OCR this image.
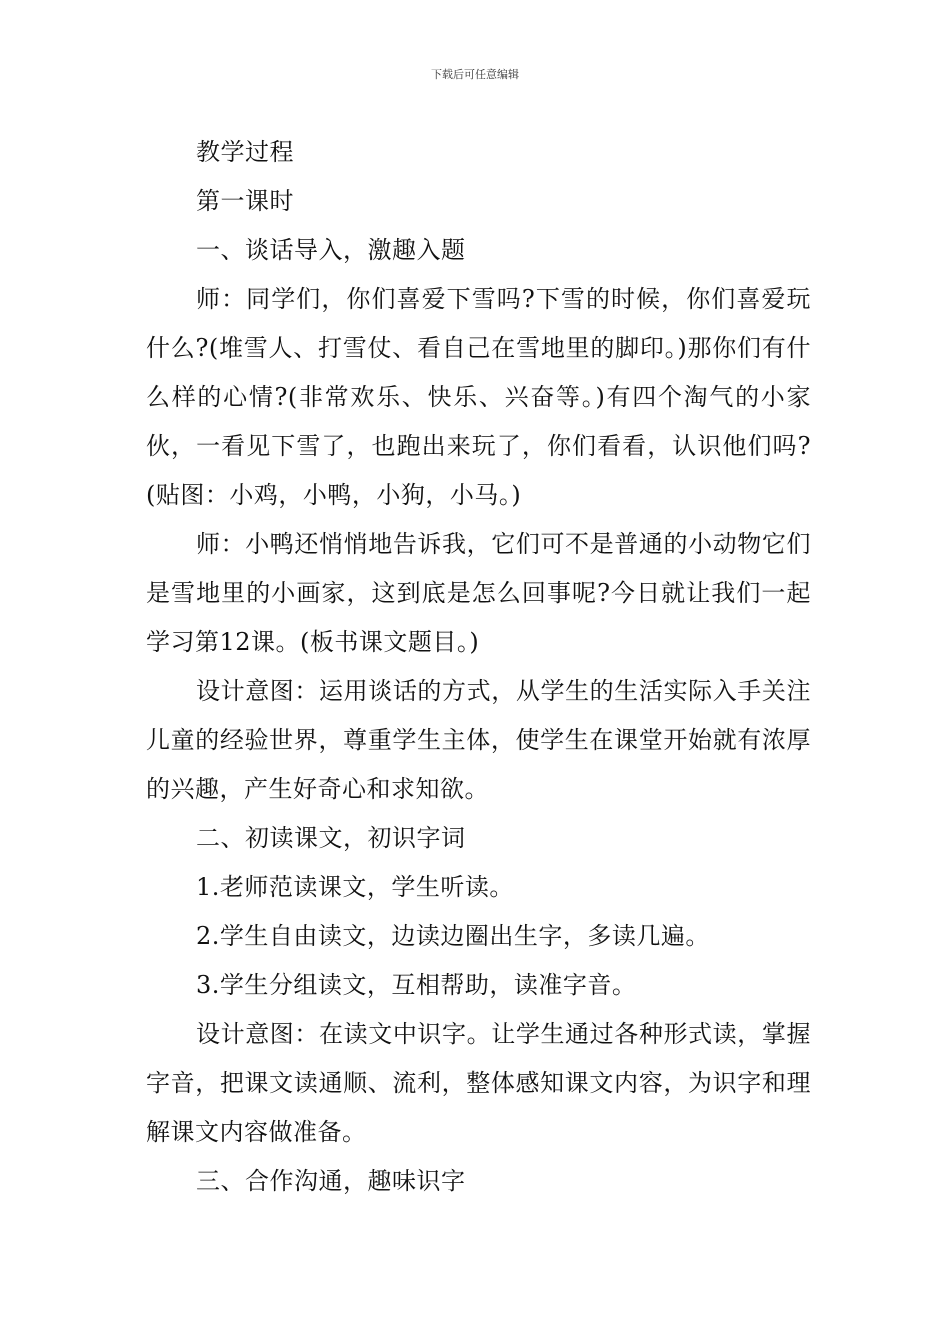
下载后可任意编辑

教学过程

第一课时

一、谈话导入，激趣入题

师：同学们，你们喜爱下雪吗?下雪的时候，你们喜爱玩什么?(堆雪人、打雪仗、看自己在雪地里的脚印。)那你们有什么样的心情?(非常欢乐、快乐、兴奋等。)有四个淘气的小家伙，一看见下雪了，也跑出来玩了，你们看看，认识他们吗?(贴图：小鸡，小鸭，小狗，小马。)

师：小鸭还悄悄地告诉我，它们可不是普通的小动物它们是雪地里的小画家，这到底是怎么回事呢?今日就让我们一起学习第12课。(板书课文题目。)

设计意图：运用谈话的方式，从学生的生活实际入手关注儿童的经验世界，尊重学生主体，使学生在课堂开始就有浓厚的兴趣，产生好奇心和求知欲。

二、初读课文，初识字词

1.老师范读课文，学生听读。

2.学生自由读文，边读边圈出生字，多读几遍。

3.学生分组读文，互相帮助，读准字音。

设计意图：在读文中识字。让学生通过各种形式读，掌握字音，把课文读通顺、流利，整体感知课文内容，为识字和理解课文内容做准备。

三、合作沟通，趣味识字
